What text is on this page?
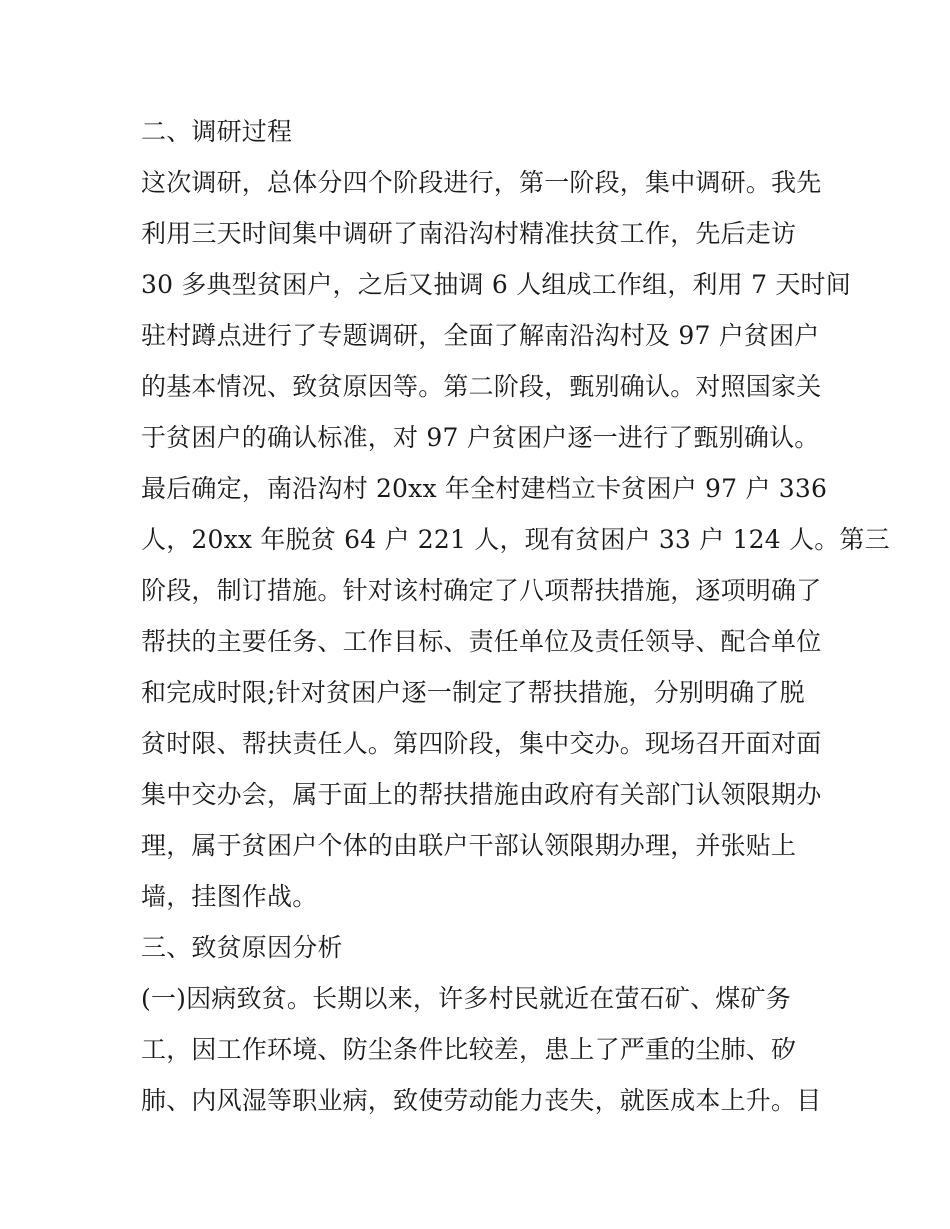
二、调研过程
这次调研，总体分四个阶段进行，第一阶段，集中调研。我先
利用三天时间集中调研了南沿沟村精准扶贫工作，先后走访
30 多典型贫困户，之后又抽调 6 人组成工作组，利用 7 天时间
驻村蹲点进行了专题调研，全面了解南沿沟村及 97 户贫困户
的基本情况、致贫原因等。第二阶段，甄别确认。对照国家关
于贫困户的确认标准，对 97 户贫困户逐一进行了甄别确认。
最后确定，南沿沟村 20xx 年全村建档立卡贫困户 97 户 336
人，20xx 年脱贫 64 户 221 人，现有贫困户 33 户 124 人。第三
阶段，制订措施。针对该村确定了八项帮扶措施，逐项明确了
帮扶的主要任务、工作目标、责任单位及责任领导、配合单位
和完成时限;针对贫困户逐一制定了帮扶措施，分别明确了脱
贫时限、帮扶责任人。第四阶段，集中交办。现场召开面对面
集中交办会，属于面上的帮扶措施由政府有关部门认领限期办
理，属于贫困户个体的由联户干部认领限期办理，并张贴上
墙，挂图作战。
三、致贫原因分析
(一)因病致贫。长期以来，许多村民就近在萤石矿、煤矿务
工，因工作环境、防尘条件比较差，患上了严重的尘肺、矽
肺、内风湿等职业病，致使劳动能力丧失，就医成本上升。目
